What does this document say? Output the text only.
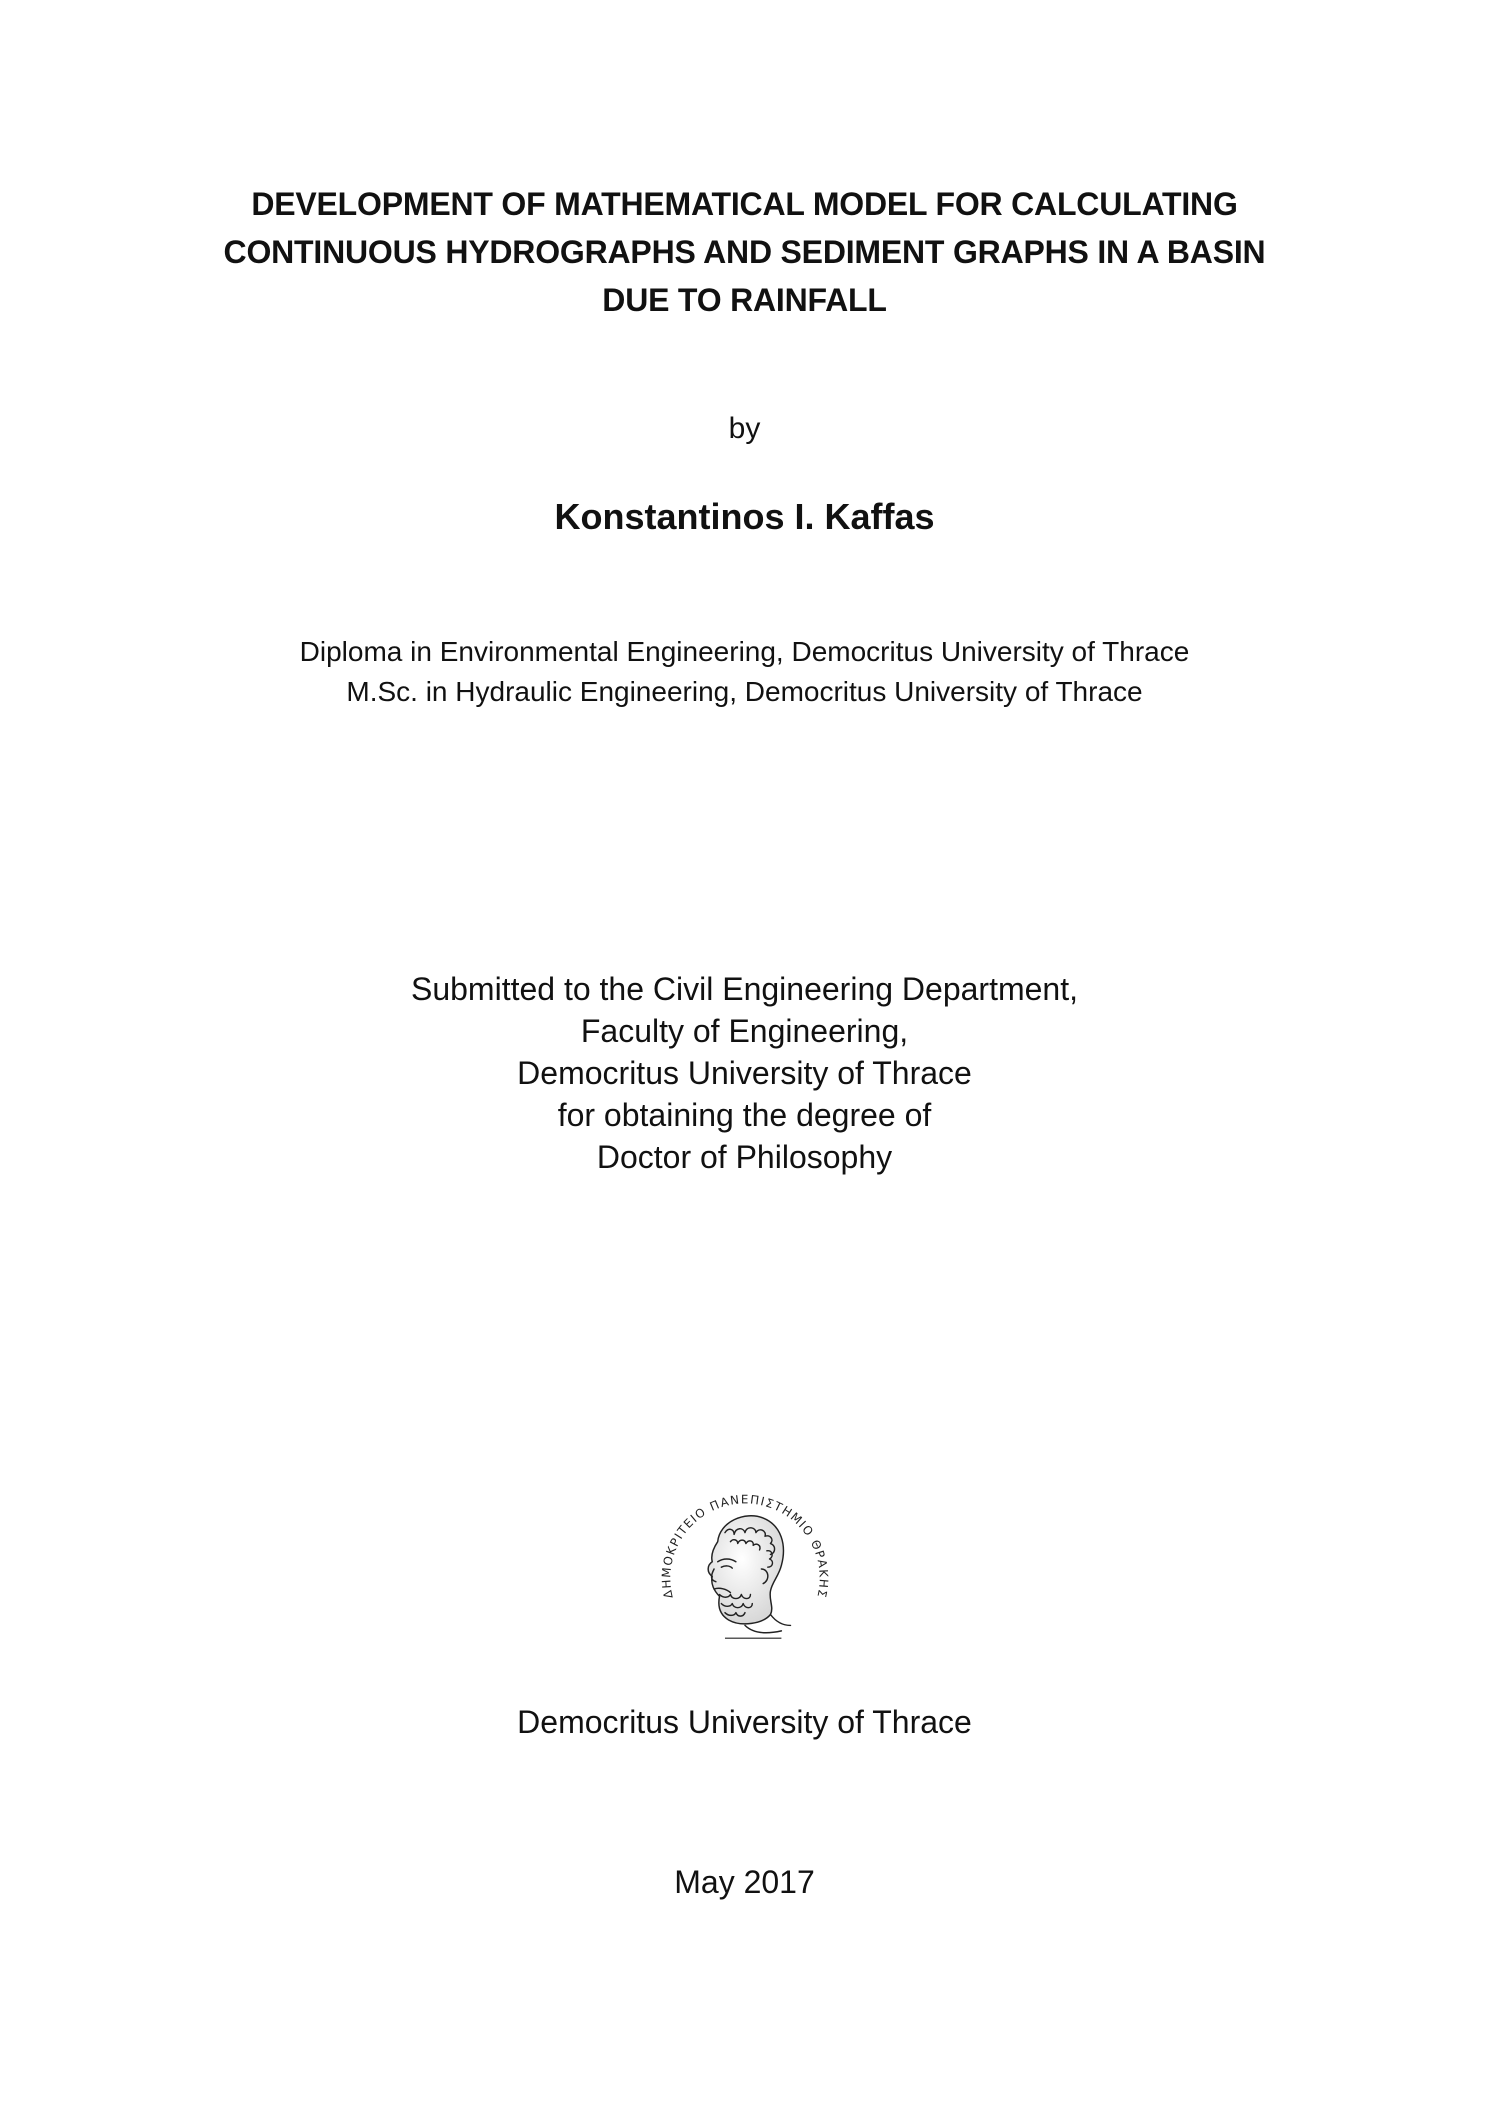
DEVELOPMENT OF MATHEMATICAL MODEL FOR CALCULATING
CONTINUOUS HYDROGRAPHS AND SEDIMENT GRAPHS IN A BASIN
DUE TO RAINFALL
by
Konstantinos I. Kaffas
Diploma in Environmental Engineering, Democritus University of Thrace
M.Sc. in Hydraulic Engineering, Democritus University of Thrace
Submitted to the Civil Engineering Department,
Faculty of Engineering,
Democritus University of Thrace
for obtaining the degree of
Doctor of Philosophy
ΔΗΜΟΚΡΙΤΕΙΟ ΠΑΝΕΠΙΣΤΗΜΙΟ ΘΡΑΚΗΣ
Democritus University of Thrace
May 2017
